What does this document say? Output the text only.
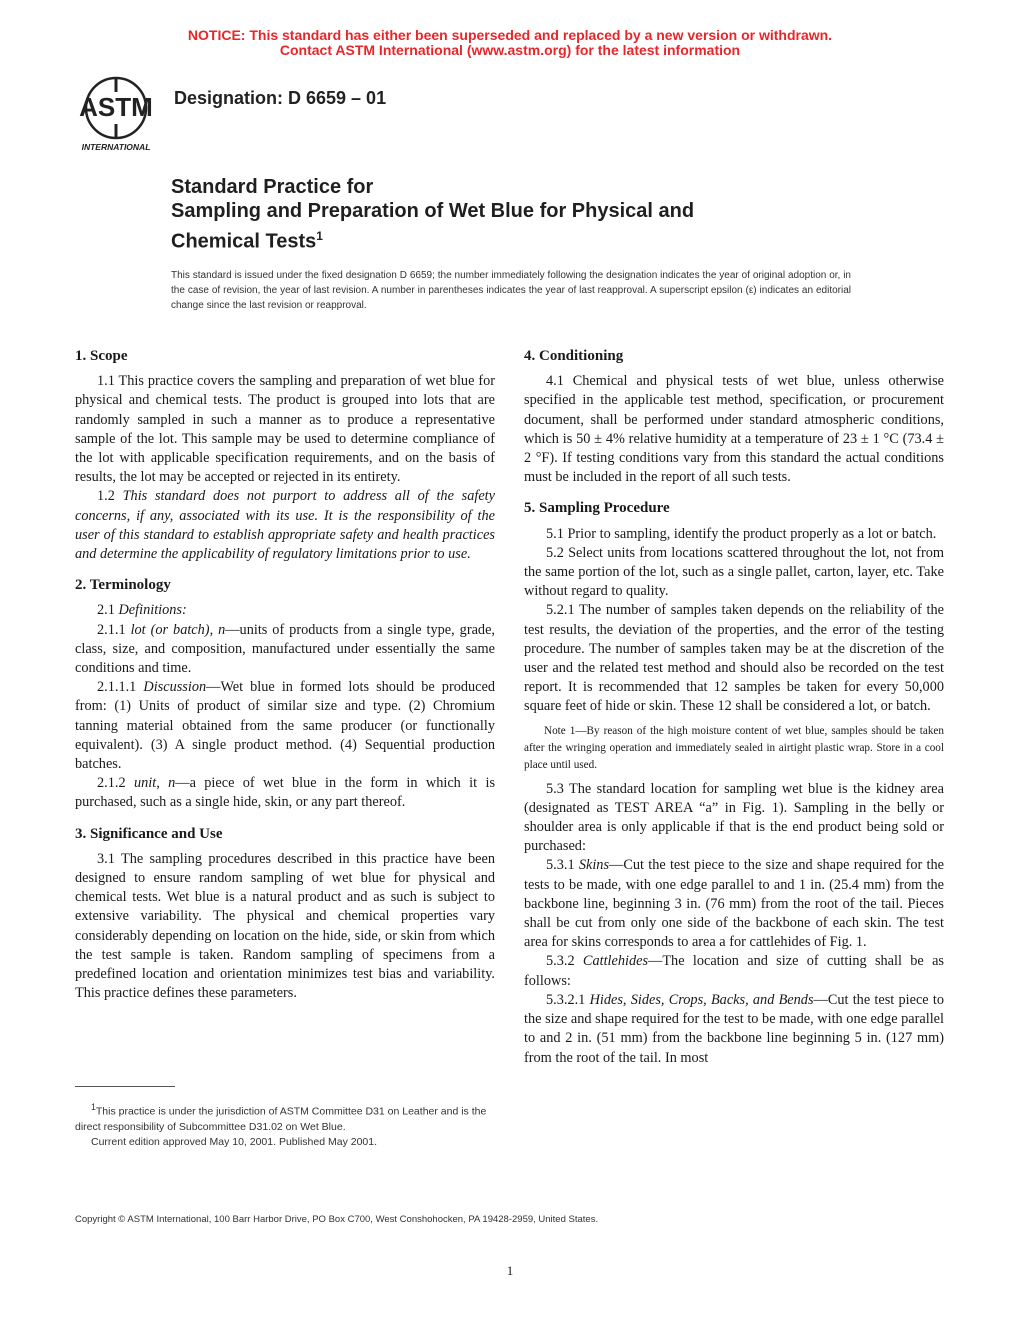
NOTICE: This standard has either been superseded and replaced by a new version or withdrawn.
Contact ASTM International (www.astm.org) for the latest information
ASTM
INTERNATIONAL
Designation: D 6659 – 01
Standard Practice for
Sampling and Preparation of Wet Blue for Physical and
Chemical Tests$^1$
This standard is issued under the fixed designation D 6659; the number immediately following the designation indicates the year of original adoption or, in the case of revision, the year of last revision. A number in parentheses indicates the year of last reapproval. A superscript epsilon (ε) indicates an editorial change since the last revision or reapproval.
1. Scope

1.1 This practice covers the sampling and preparation of wet blue for physical and chemical tests. The product is grouped into lots that are randomly sampled in such a manner as to produce a representative sample of the lot. This sample may be used to determine compliance of the lot with applicable specification requirements, and on the basis of results, the lot may be accepted or rejected in its entirety.

1.2 This standard does not purport to address all of the safety concerns, if any, associated with its use. It is the responsibility of the user of this standard to establish appropriate safety and health practices and determine the applicability of regulatory limitations prior to use.

2. Terminology

2.1 Definitions:

2.1.1 lot (or batch), n—units of products from a single type, grade, class, size, and composition, manufactured under essentially the same conditions and time.

2.1.1.1 Discussion—Wet blue in formed lots should be produced from: (1) Units of product of similar size and type. (2) Chromium tanning material obtained from the same producer (or functionally equivalent). (3) A single product method. (4) Sequential production batches.

2.1.2 unit, n—a piece of wet blue in the form in which it is purchased, such as a single hide, skin, or any part thereof.

3. Significance and Use

3.1 The sampling procedures described in this practice have been designed to ensure random sampling of wet blue for physical and chemical tests. Wet blue is a natural product and as such is subject to extensive variability. The physical and chemical properties vary considerably depending on location on the hide, side, or skin from which the test sample is taken. Random sampling of specimens from a predefined location and orientation minimizes test bias and variability. This practice defines these parameters.

4. Conditioning

4.1 Chemical and physical tests of wet blue, unless otherwise specified in the applicable test method, specification, or procurement document, shall be performed under standard atmospheric conditions, which is 50 ± 4% relative humidity at a temperature of 23 ± 1 °C (73.4 ± 2 °F). If testing conditions vary from this standard the actual conditions must be included in the report of all such tests.

5. Sampling Procedure

5.1 Prior to sampling, identify the product properly as a lot or batch.

5.2 Select units from locations scattered throughout the lot, not from the same portion of the lot, such as a single pallet, carton, layer, etc. Take without regard to quality.

5.2.1 The number of samples taken depends on the reliability of the test results, the deviation of the properties, and the error of the testing procedure. The number of samples taken may be at the discretion of the user and the related test method and should also be recorded on the test report. It is recommended that 12 samples be taken for every 50,000 square feet of hide or skin. These 12 shall be considered a lot, or batch.

Note 1—By reason of the high moisture content of wet blue, samples should be taken after the wringing operation and immediately sealed in airtight plastic wrap. Store in a cool place until used.

5.3 The standard location for sampling wet blue is the kidney area (designated as TEST AREA “a” in Fig. 1). Sampling in the belly or shoulder area is only applicable if that is the end product being sold or purchased:

5.3.1 Skins—Cut the test piece to the size and shape required for the tests to be made, with one edge parallel to and 1 in. (25.4 mm) from the backbone line, beginning 3 in. (76 mm) from the root of the tail. Pieces shall be cut from only one side of the backbone of each skin. The test area for skins corresponds to area a for cattlehides of Fig. 1.

5.3.2 Cattlehides—The location and size of cutting shall be as follows:

5.3.2.1 Hides, Sides, Crops, Backs, and Bends—Cut the test piece to the size and shape required for the test to be made, with one edge parallel to and 2 in. (51 mm) from the backbone line beginning 5 in. (127 mm) from the root of the tail. In most

$^1$This practice is under the jurisdiction of ASTM Committee D31 on Leather and is the direct responsibility of Subcommittee D31.02 on Wet Blue.
Current edition approved May 10, 2001. Published May 2001.
Copyright © ASTM International, 100 Barr Harbor Drive, PO Box C700, West Conshohocken, PA 19428-2959, United States.
1
